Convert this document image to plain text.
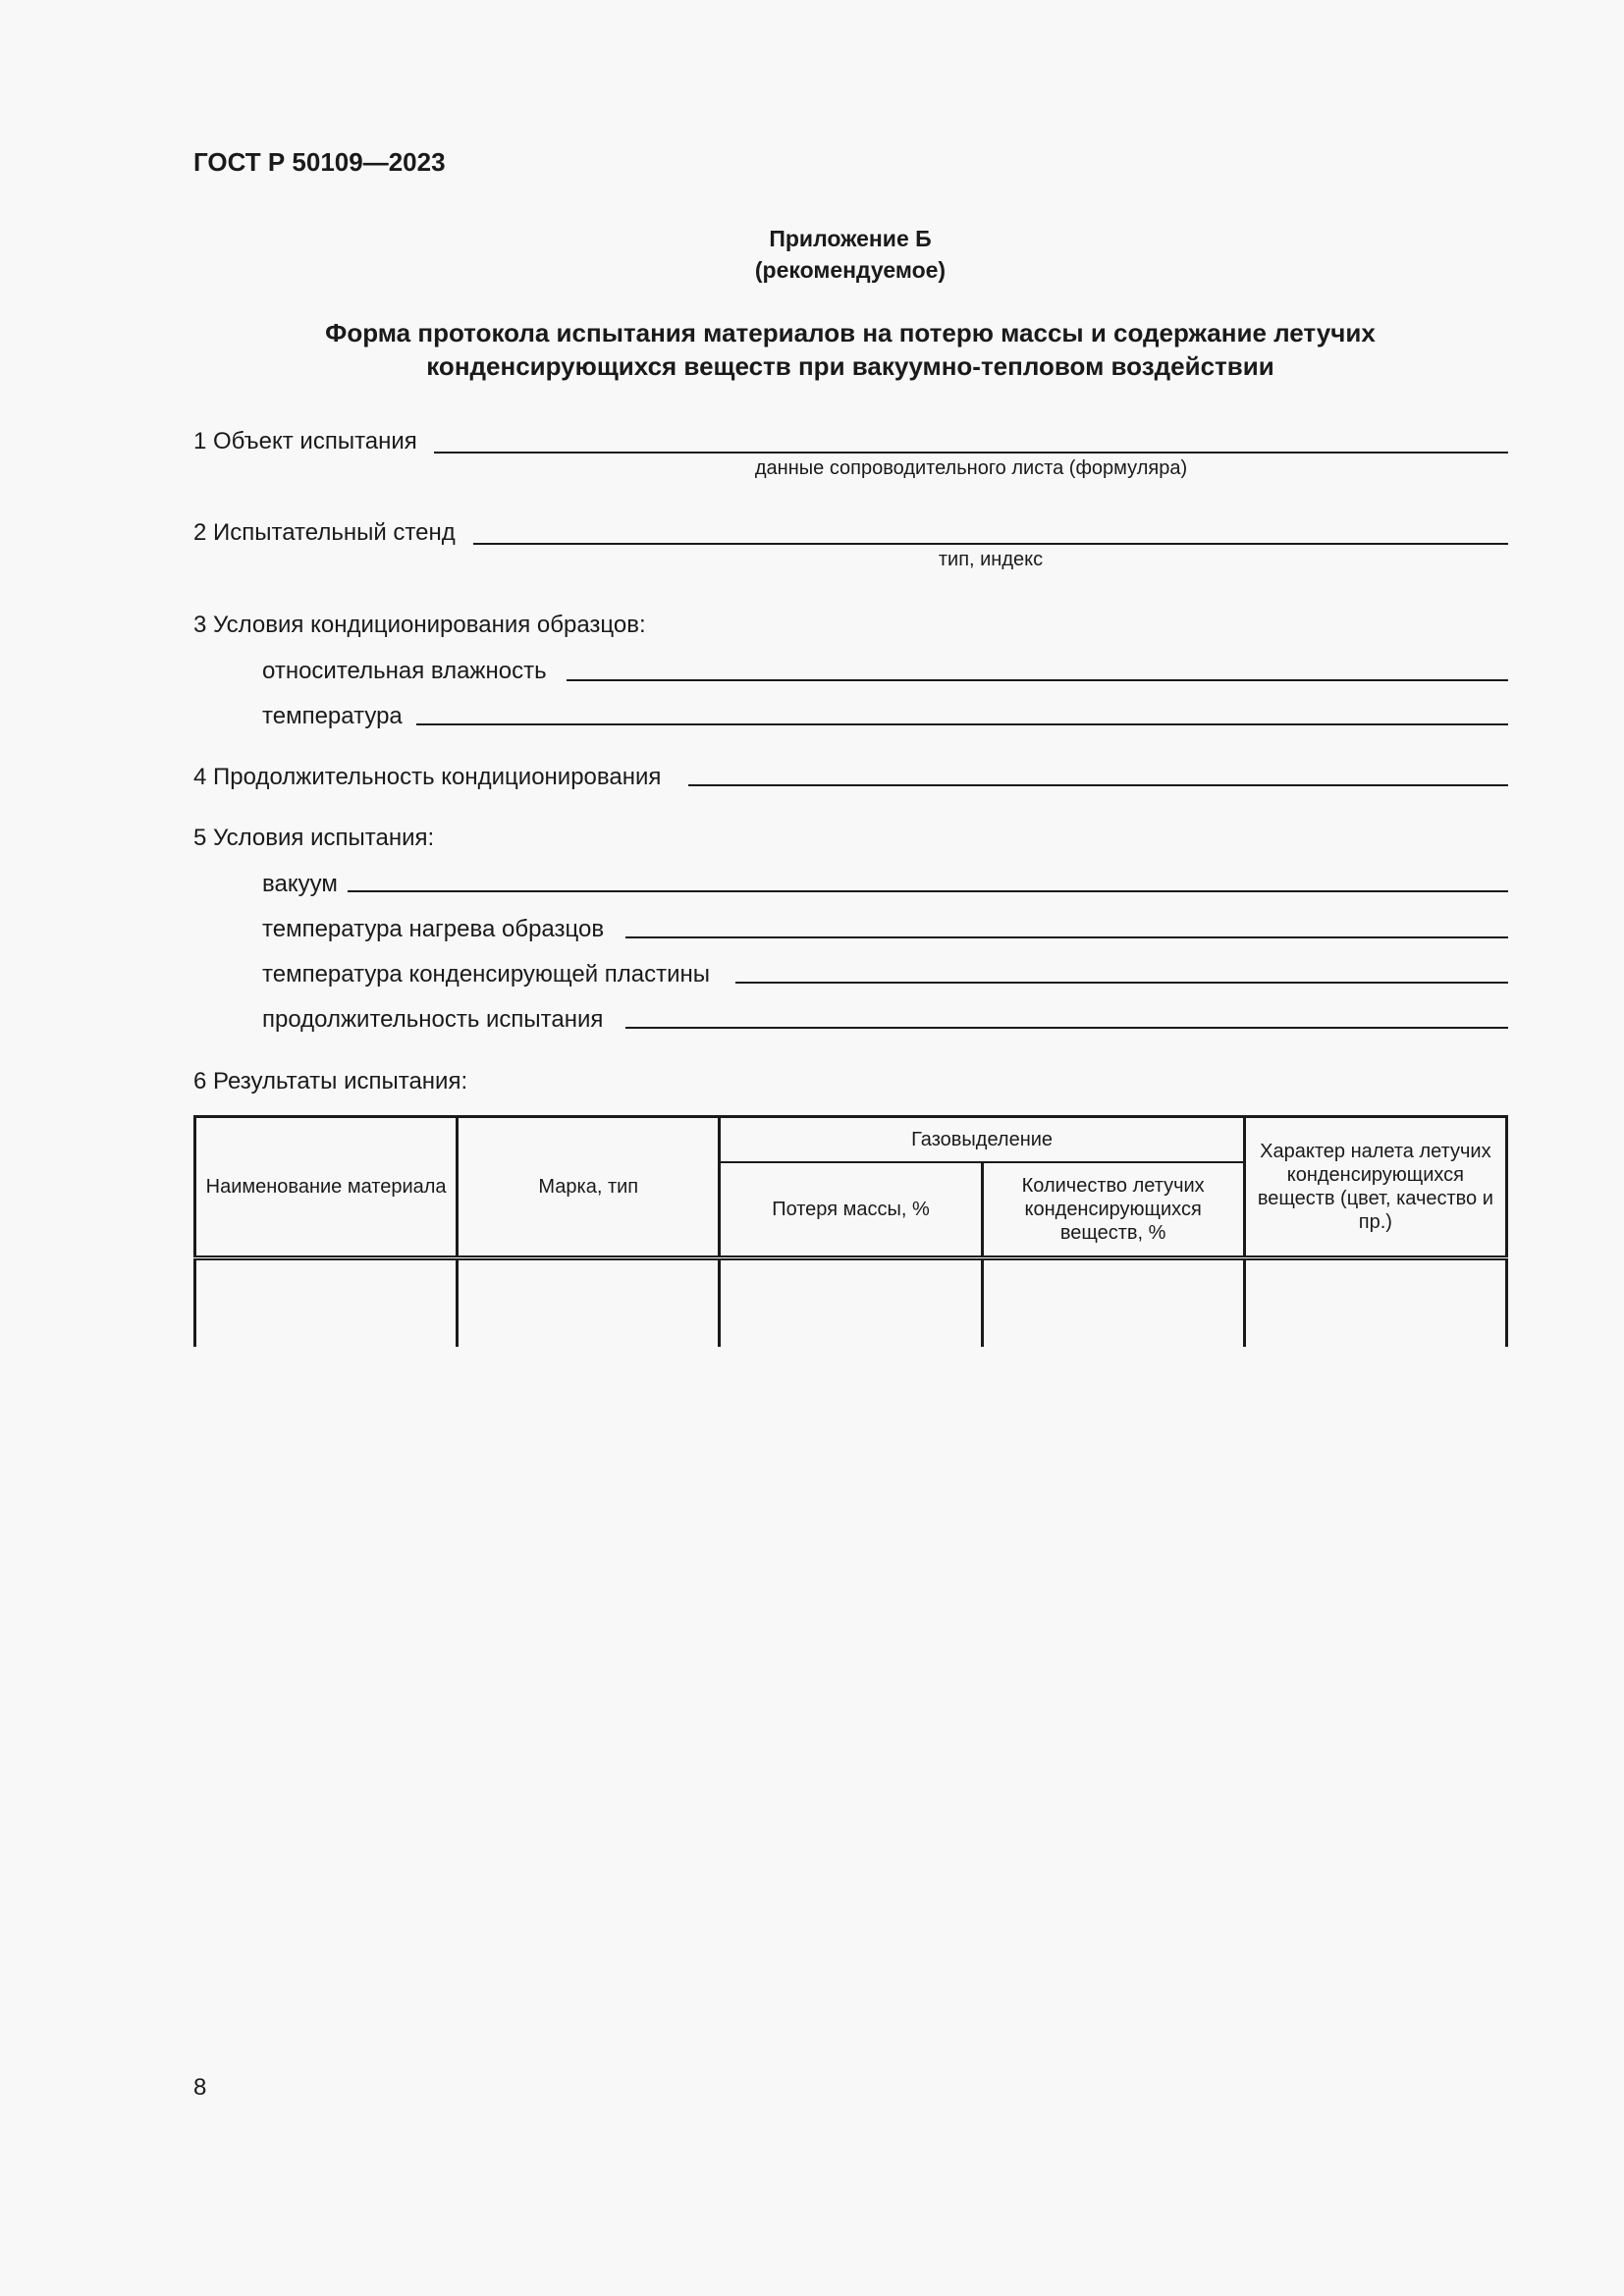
ГОСТ Р 50109—2023
Приложение Б
(рекомендуемое)
Форма протокола испытания материалов на потерю массы и содержание летучих
конденсирующихся веществ при вакуумно-тепловом воздействии
1 Объект испытания
данные сопроводительного листа (формуляра)
2 Испытательный стенд
тип, индекс
3 Условия кондиционирования образцов:
относительная влажность
температура
4 Продолжительность кондиционирования
5 Условия испытания:
вакуум
температура нагрева образцов
температура конденсирующей пластины
продолжительность испытания
6 Результаты испытания:
Наименование материала	Марка, тип	Газовыделение		Характер налета летучих конденсирующихся веществ (цвет, качество и пр.)
		Потеря массы, %	Количество летучих конденсирующихся веществ, %	

8
